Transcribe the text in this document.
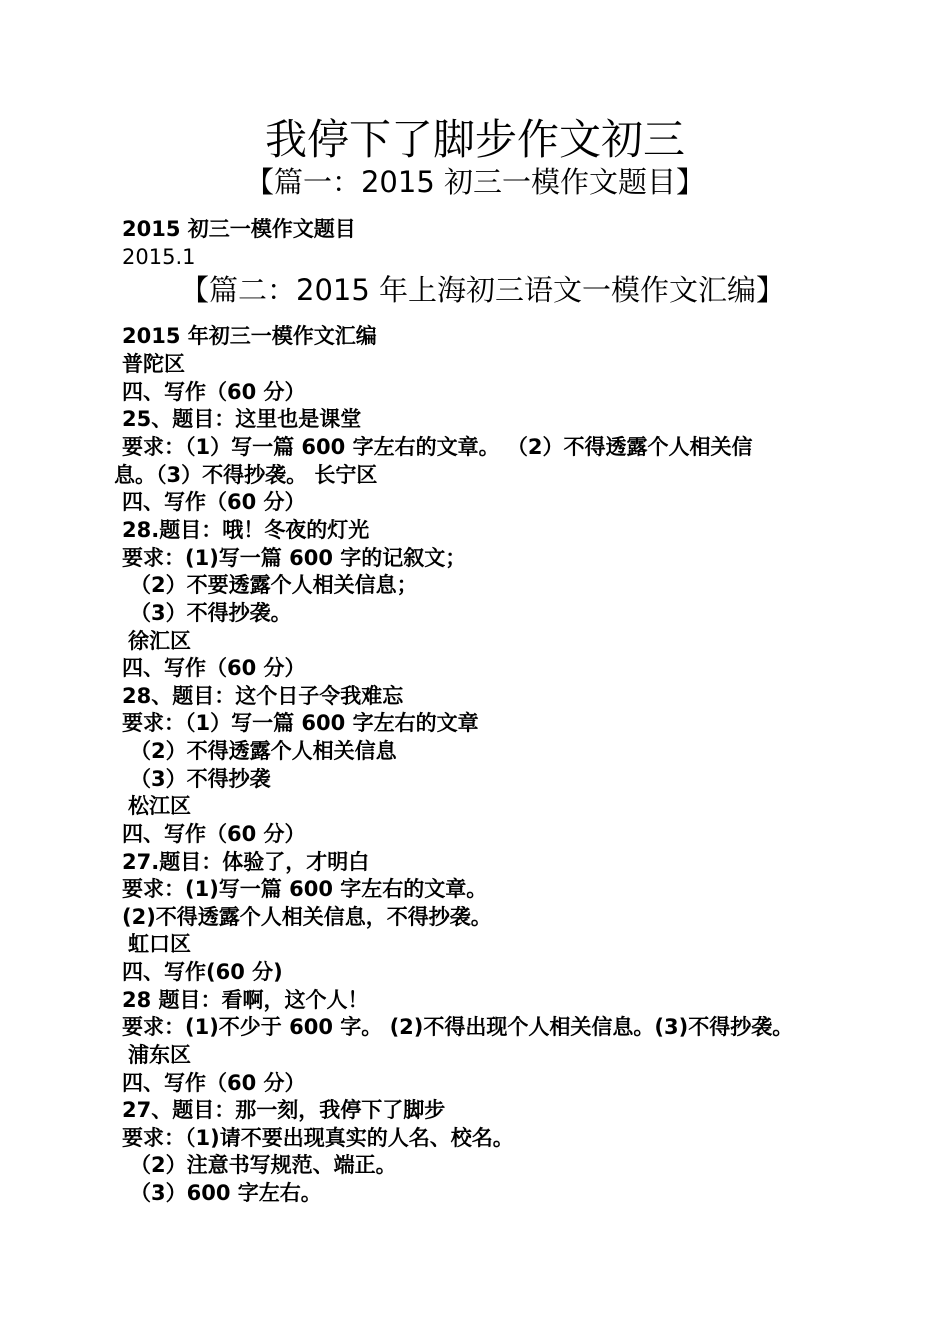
我停下了脚步作文初三
【篇一：2015 初三一模作文题目】

2015 初三一模作文题目

2015.1

【篇二：2015 年上海初三语文一模作文汇编】

2015 年初三一模作文汇编

普陀区

四、写作（60 分）

25、题目：这里也是课堂

要求：（1）写一篇 600 字左右的文章。 （2）不得透露个人相关信

息。（3）不得抄袭。 长宁区

四、写作（60 分）

28.题目：哦！冬夜的灯光

要求：(1)写一篇 600 字的记叙文；

（2）不要透露个人相关信息；

（3）不得抄袭。

徐汇区

四、写作（60 分）

28、题目：这个日子令我难忘

要求：（1）写一篇 600 字左右的文章

（2）不得透露个人相关信息

（3）不得抄袭

松江区

四、写作（60 分）

27.题目：体验了，才明白

要求：(1)写一篇 600 字左右的文章。

(2)不得透露个人相关信息，不得抄袭。

虹口区

四、写作(60 分)

28 题目：看啊，这个人！

要求：(1)不少于 600 字。 (2)不得出现个人相关信息。(3)不得抄袭。

浦东区

四、写作（60 分）

27、题目：那一刻，我停下了脚步

要求：（1)请不要出现真实的人名、校名。

（2）注意书写规范、端正。

（3）600 字左右。
